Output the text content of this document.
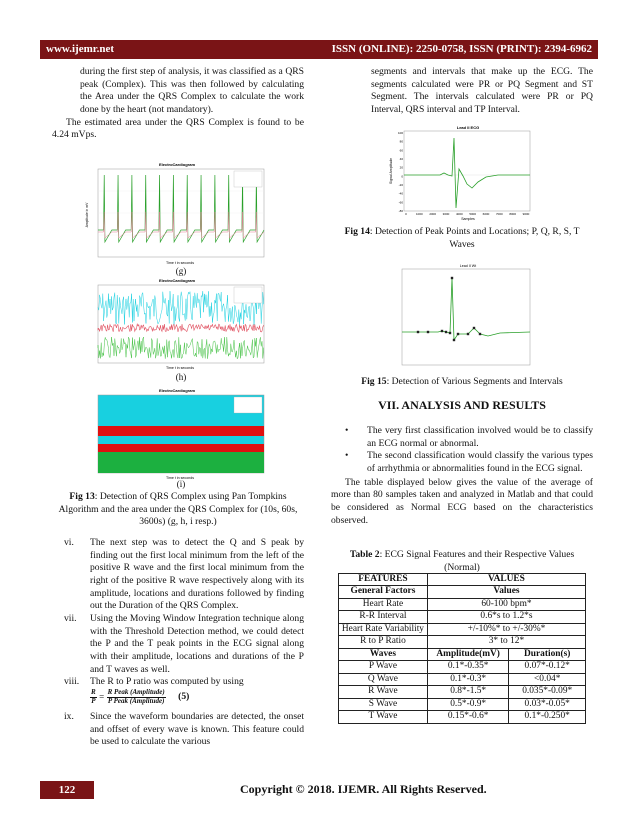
www.ijemr.net	ISSN (ONLINE): 2250-0758, ISSN (PRINT): 2394-6962

during the first step of analysis, it was classified as a QRS peak (Complex). This was then followed by calculating the Area under the QRS Complex to calculate the work done by the heart (not mandatory).

The estimated area under the QRS Complex is found to be 4.24 mVps.

ElectroCardiogram
Time t in seconds
Amplitude in mV
(g)
ElectroCardiogram
Time t in seconds
(h)
ElectroCardiogram
Time t in seconds
(i)

Fig 13: Detection of QRS Complex using Pan Tompkins Algorithm and the area under the QRS Complex for (10s, 60s, 3600s) (g, h, i resp.)

vi. The next step was to detect the Q and S peak by finding out the first local minimum from the left of the positive R wave and the first local minimum from the right of the positive R wave respectively along with its amplitude, locations and durations followed by finding out the Duration of the QRS Complex.
vii. Using the Moving Window Integration technique along with the Threshold Detection method, we could detect the P and the T peak points in the ECG signal along with their amplitude, locations and durations of the P and T waves as well.
viii. The R to P ratio was computed by using
$\frac{R}{P} = \frac{\text{R Peak (Amplitude)}}{\text{P Peak (Amplitude)}} (5)$
ix. Since the waveform boundaries are detected, the onset and offset of every wave is known. This feature could be used to calculate the various

segments and intervals that make up the ECG. The segments calculated were PR or PQ Segment and ST Segment. The intervals calculated were PR or PQ Interval, QRS interval and TP Interval.

Lead II ECG
100
80
60
40
20
0
-20
-40
-60
-80
0	1000 2000 3000 4000 5000 6000 7000 8000 9000
Samples
Signal Amplitude

Fig 14: Detection of Peak Points and Locations; P, Q, R, S, T Waves

Lead II Wt

Fig 15: Detection of Various Segments and Intervals

VII. ANALYSIS AND RESULTS

• The very first classification involved would be to classify an ECG normal or abnormal.
• The second classification would classify the various types of arrhythmia or abnormalities found in the ECG signal.

The table displayed below gives the value of the average of more than 80 samples taken and analyzed in Matlab and that could be considered as Normal ECG based on the characteristics observed.

Table 2: ECG Signal Features and their Respective Values (Normal)

FEATURES	VALUES	
General Factors	Values	
Heart Rate	60-100 bpm*	
R-R Interval	0.6*s to 1.2*s	
Heart Rate Variability	+/-10%* to +/-30%*	
R to P Ratio	3* to 12*	
Waves	Amplitude(mV)	Duration(s)
P Wave	0.1*-0.35*	0.07*-0.12*
Q Wave	0.1*-0.3*	<0.04*
R Wave	0.8*-1.5*	0.035*-0.09*
S Wave	0.5*-0.9*	0.03*-0.05*
T Wave	0.15*-0.6*	0.1*-0.250*
122	Copyright © 2018. IJEMR. All Rights Reserved.
